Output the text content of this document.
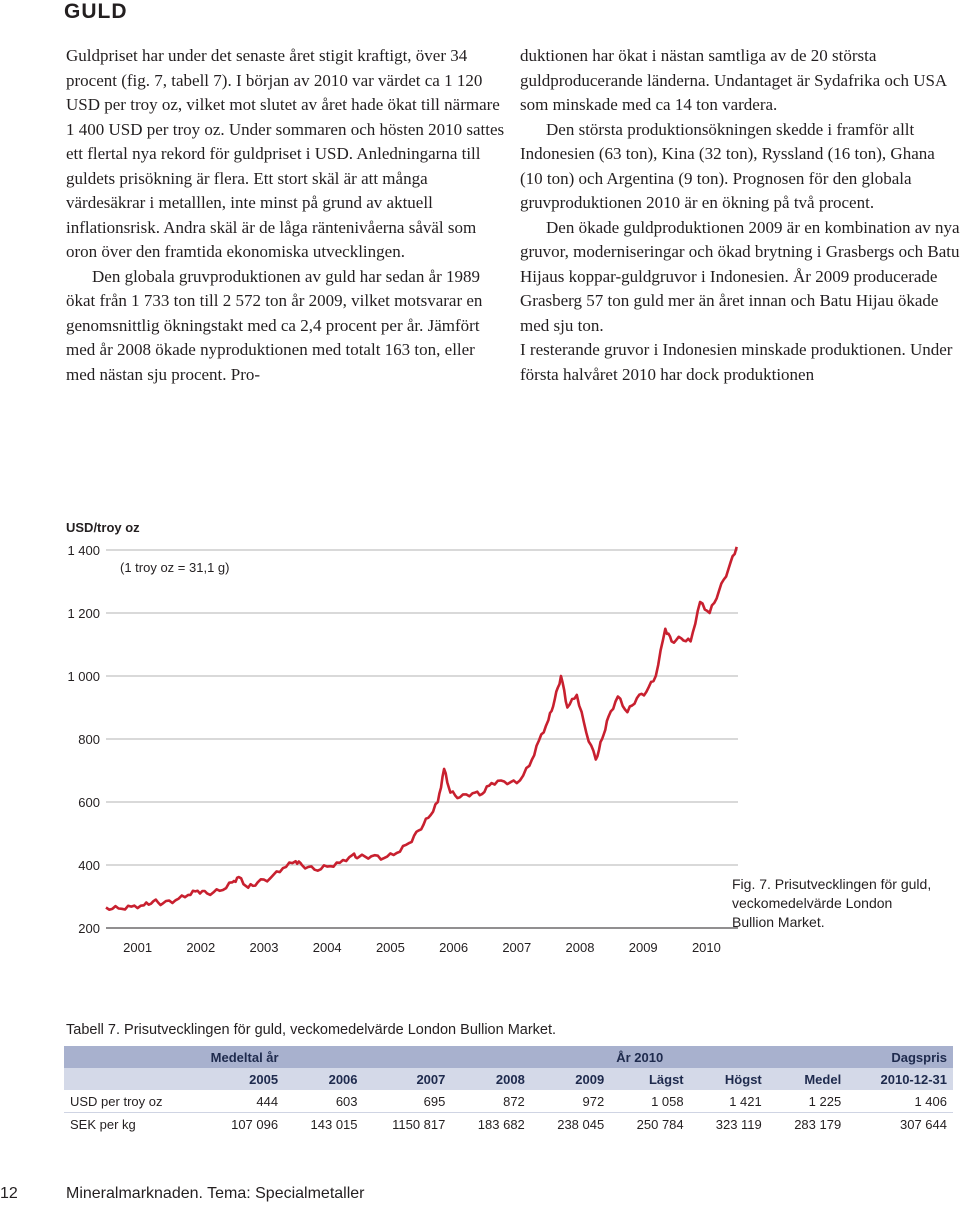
GULD

Guldpriset har under det senaste året stigit kraftigt, över 34 procent (fig. 7, tabell 7). I början av 2010 var värdet ca 1 120 USD per troy oz, vilket mot slutet av året hade ökat till närmare 1 400 USD per troy oz. Under sommaren och hösten 2010 sattes ett flertal nya rekord för guldpriset i USD. Anledningarna till guldets prisökning är flera. Ett stort skäl är att många värdesäkrar i metalllen, inte minst på grund av aktuell inflationsrisk. Andra skäl är de låga räntenivåerna såväl som oron över den framtida ekonomiska utvecklingen.

Den globala gruvproduktionen av guld har sedan år 1989 ökat från 1 733 ton till 2 572 ton år 2009, vilket motsvarar en genomsnittlig ökningstakt med ca 2,4 procent per år. Jämfört med år 2008 ökade nyproduktionen med totalt 163 ton, eller med nästan sju procent. Pro-

duktionen har ökat i nästan samtliga av de 20 största guldproducerande länderna. Undantaget är Sydafrika och USA som minskade med ca 14 ton vardera.

Den största produktionsökningen skedde i framför allt Indonesien (63 ton), Kina (32 ton), Ryssland (16 ton), Ghana (10 ton) och Argentina (9 ton). Prognosen för den globala gruvproduktionen 2010 är en ökning på två procent.

Den ökade guldproduktionen 2009 är en kombination av nya gruvor, moderniseringar och ökad brytning i Grasbergs och Batu Hijaus koppar-guldgruvor i Indonesien. År 2009 producerade Grasberg 57 ton guld mer än året innan och Batu Hijau ökade med sju ton.

I resterande gruvor i Indonesien minskade produktionen. Under första halvåret 2010 har dock produktionen

USD/troy oz
200
400
600
800
1 000
1 200
1 400
2001	2002	2003	2004	2005	2006	2007	2008	2009	2010
(1 troy oz = 31,1 g)
Fig. 7. Prisutvecklingen för guld, veckomedelvärde London Bullion Market.
Tabell 7. Prisutvecklingen för guld, veckomedelvärde London Bullion Market.
	Medeltal år					År 2010			Dagspris
	2005	2006	2007	2008	2009	Lägst	Högst	Medel	2010-12-31
USD per troy oz	444	603	695	872	972	1 058	1 421	1 225	1 406
SEK per kg	107 096	143 015	1150 817	183 682	238 045	250 784	323 119	283 179	307 644
12	Mineralmarknaden. Tema: Specialmetaller
